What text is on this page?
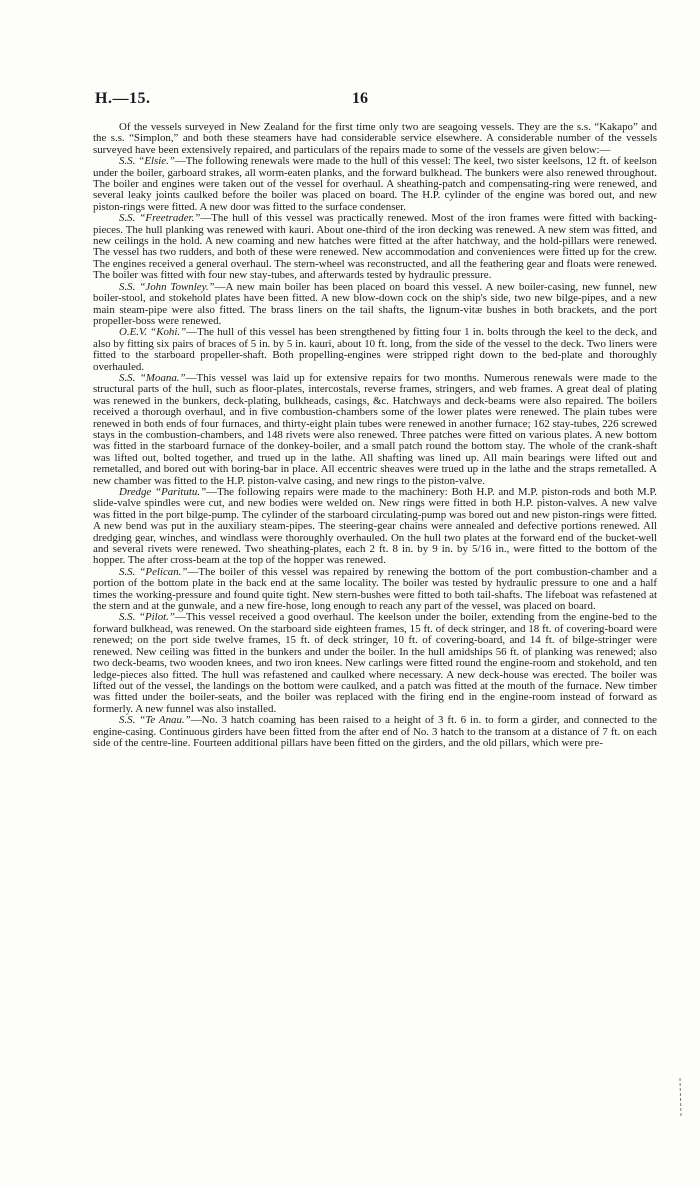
H.—15.	16

Of the vessels surveyed in New Zealand for the first time only two are seagoing vessels. They are the s.s. “Kakapo” and the s.s. “Simplon,” and both these steamers have had considerable service elsewhere. A considerable number of the vessels surveyed have been extensively repaired, and particulars of the repairs made to some of the vessels are given below:—

S.S. “Elsie.”—The following renewals were made to the hull of this vessel: The keel, two sister keelsons, 12 ft. of keelson under the boiler, garboard strakes, all worm-eaten planks, and the forward bulkhead. The bunkers were also renewed throughout. The boiler and engines were taken out of the vessel for overhaul. A sheathing-patch and compensating-ring were renewed, and several leaky joints caulked before the boiler was placed on board. The H.P. cylinder of the engine was bored out, and new piston-rings were fitted. A new door was fitted to the surface condenser.

S.S. “Freetrader.”—The hull of this vessel was practically renewed. Most of the iron frames were fitted with backing-pieces. The hull planking was renewed with kauri. About one-third of the iron decking was renewed. A new stem was fitted, and new ceilings in the hold. A new coaming and new hatches were fitted at the after hatchway, and the hold-pillars were renewed. The vessel has two rudders, and both of these were renewed. New accommodation and conveniences were fitted up for the crew. The engines received a general overhaul. The stern-wheel was reconstructed, and all the feathering gear and floats were renewed. The boiler was fitted with four new stay-tubes, and afterwards tested by hydraulic pressure.

S.S. “John Townley.”—A new main boiler has been placed on board this vessel. A new boiler-casing, new funnel, new boiler-stool, and stokehold plates have been fitted. A new blow-down cock on the ship's side, two new bilge-pipes, and a new main steam-pipe were also fitted. The brass liners on the tail shafts, the lignum-vitæ bushes in both brackets, and the port propeller-boss were renewed.

O.E.V. “Kohi.”—The hull of this vessel has been strengthened by fitting four 1 in. bolts through the keel to the deck, and also by fitting six pairs of braces of 5 in. by 5 in. kauri, about 10 ft. long, from the side of the vessel to the deck. Two liners were fitted to the starboard propeller-shaft. Both propelling-engines were stripped right down to the bed-plate and thoroughly overhauled.

S.S. “Moana.”—This vessel was laid up for extensive repairs for two months. Numerous renewals were made to the structural parts of the hull, such as floor-plates, intercostals, reverse frames, stringers, and web frames. A great deal of plating was renewed in the bunkers, deck-plating, bulkheads, casings, &c. Hatchways and deck-beams were also repaired. The boilers received a thorough overhaul, and in five combustion-chambers some of the lower plates were renewed. The plain tubes were renewed in both ends of four furnaces, and thirty-eight plain tubes were renewed in another furnace; 162 stay-tubes, 226 screwed stays in the combustion-chambers, and 148 rivets were also renewed. Three patches were fitted on various plates. A new bottom was fitted in the starboard furnace of the donkey-boiler, and a small patch round the bottom stay. The whole of the crank-shaft was lifted out, bolted together, and trued up in the lathe. All shafting was lined up. All main bearings were lifted out and remetalled, and bored out with boring-bar in place. All eccentric sheaves were trued up in the lathe and the straps remetalled. A new chamber was fitted to the H.P. piston-valve casing, and new rings to the piston-valve.

Dredge “Paritutu.”—The following repairs were made to the machinery: Both H.P. and M.P. piston-rods and both M.P. slide-valve spindles were cut, and new bodies were welded on. New rings were fitted in both H.P. piston-valves. A new valve was fitted in the port bilge-pump. The cylinder of the starboard circulating-pump was bored out and new piston-rings were fitted. A new bend was put in the auxiliary steam-pipes. The steering-gear chains were annealed and defective portions renewed. All dredging gear, winches, and windlass were thoroughly overhauled. On the hull two plates at the forward end of the bucket-well and several rivets were renewed. Two sheathing-plates, each 2 ft. 8 in. by 9 in. by 5/16 in., were fitted to the bottom of the hopper. The after cross-beam at the top of the hopper was renewed.

S.S. “Pelican.”—The boiler of this vessel was repaired by renewing the bottom of the port combustion-chamber and a portion of the bottom plate in the back end at the same locality. The boiler was tested by hydraulic pressure to one and a half times the working-pressure and found quite tight. New stern-bushes were fitted to both tail-shafts. The lifeboat was refastened at the stern and at the gunwale, and a new fire-hose, long enough to reach any part of the vessel, was placed on board.

S.S. “Pilot.”—This vessel received a good overhaul. The keelson under the boiler, extending from the engine-bed to the forward bulkhead, was renewed. On the starboard side eighteen frames, 15 ft. of deck stringer, and 18 ft. of covering-board were renewed; on the port side twelve frames, 15 ft. of deck stringer, 10 ft. of covering-board, and 14 ft. of bilge-stringer were renewed. New ceiling was fitted in the bunkers and under the boiler. In the hull amidships 56 ft. of planking was renewed; also two deck-beams, two wooden knees, and two iron knees. New carlings were fitted round the engine-room and stokehold, and ten ledge-pieces also fitted. The hull was refastened and caulked where necessary. A new deck-house was erected. The boiler was lifted out of the vessel, the landings on the bottom were caulked, and a patch was fitted at the mouth of the furnace. New timber was fitted under the boiler-seats, and the boiler was replaced with the firing end in the engine-room instead of forward as formerly. A new funnel was also installed.

S.S. “Te Anau.”—No. 3 hatch coaming has been raised to a height of 3 ft. 6 in. to form a girder, and connected to the engine-casing. Continuous girders have been fitted from the after end of No. 3 hatch to the transom at a distance of 7 ft. on each side of the centre-line. Fourteen additional pillars have been fitted on the girders, and the old pillars, which were pre-
